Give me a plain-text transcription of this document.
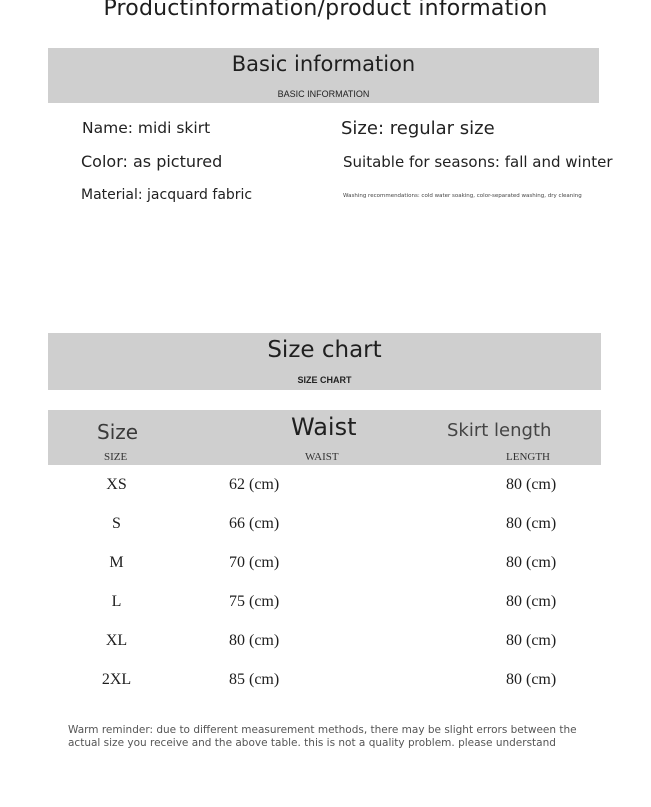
Productinformation/product information
Basic information
BASIC INFORMATION
Name: midi skirt	Size: regular size
Color: as pictured	Suitable for seasons: fall and winter
Material: jacquard fabric	Washing recommendations: cold water soaking, color-separated washing, dry cleaning
Size chart
SIZE CHART
Size	Waist	Skirt length
SIZE	WAIST	LENGTH
XS	62 (cm)	80 (cm)
S	66 (cm)	80 (cm)
M	70 (cm)	80 (cm)
L	75 (cm)	80 (cm)
XL	80 (cm)	80 (cm)
2XL	85 (cm)	80 (cm)
Warm reminder: due to different measurement methods, there may be slight errors between the actual size you receive and the above table. this is not a quality problem. please understand
